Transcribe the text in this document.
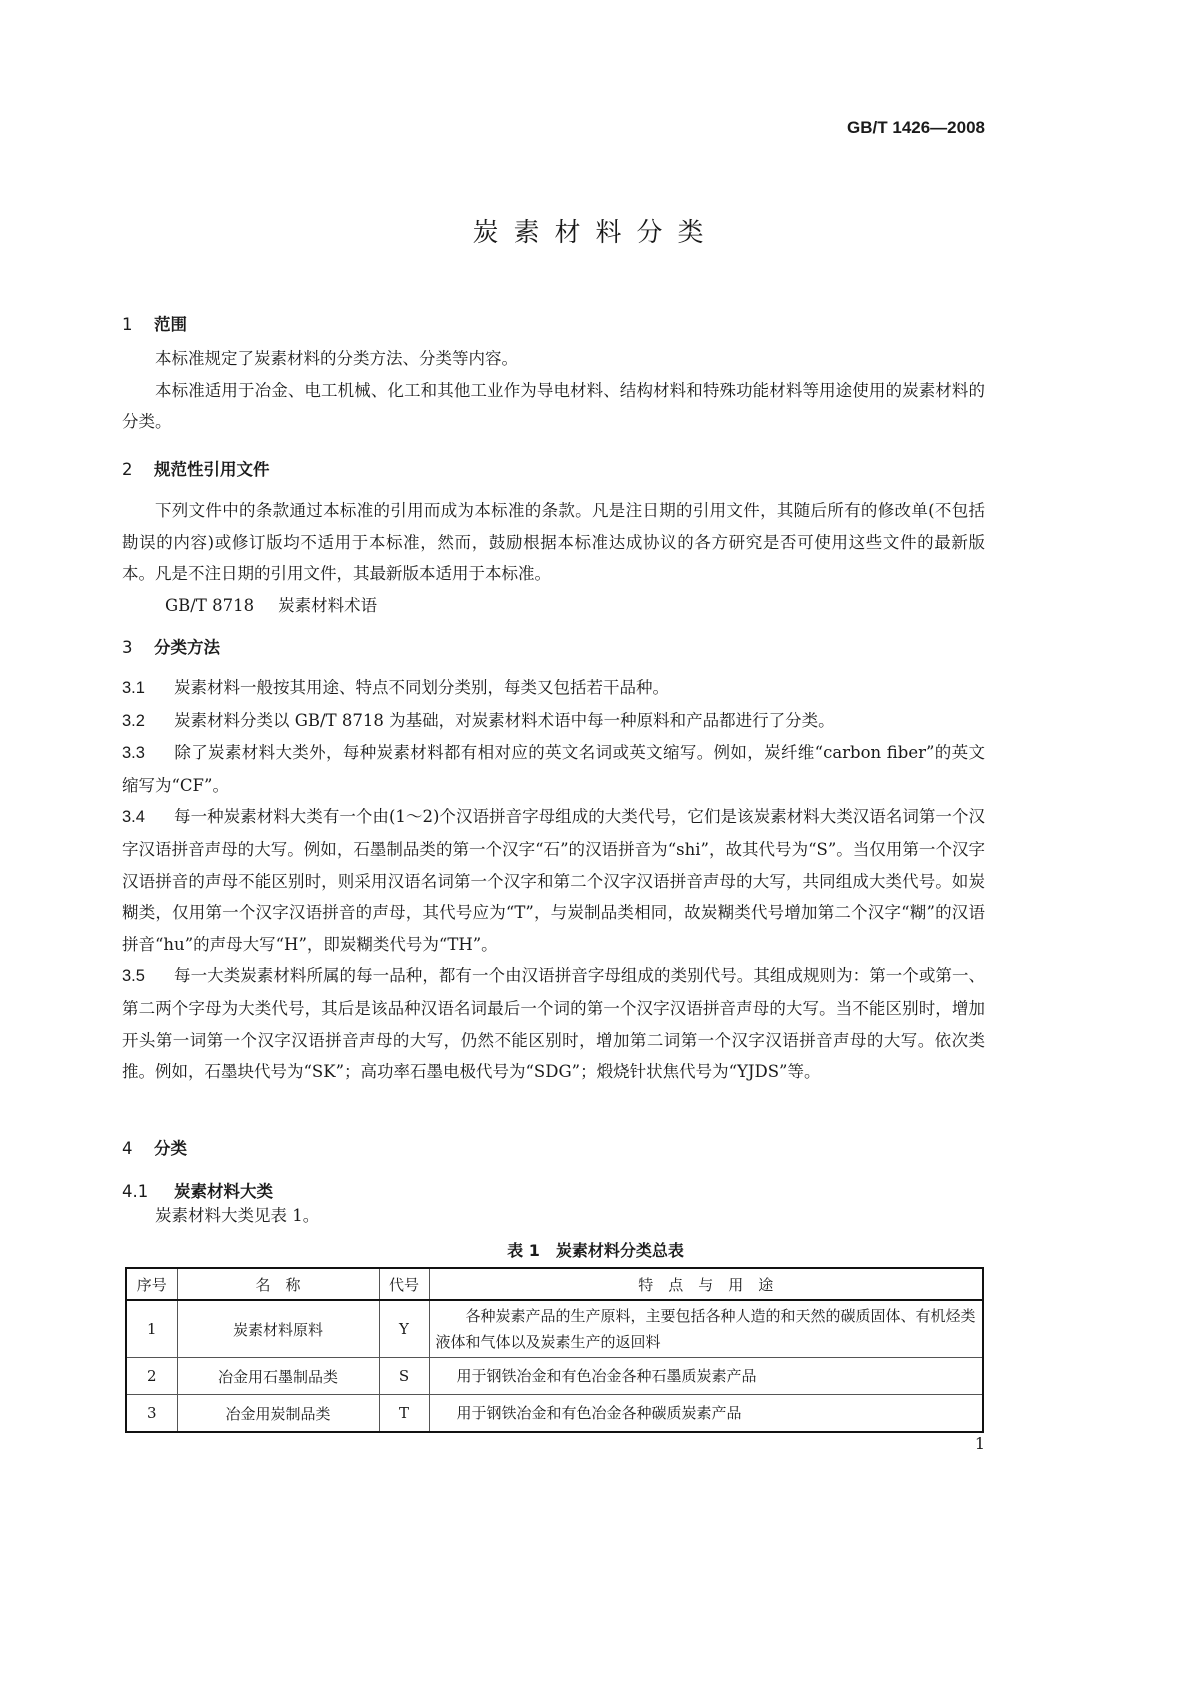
GB/T 1426—2008
炭素材料分类
1 范围

本标准规定了炭素材料的分类方法、分类等内容。

本标准适用于冶金、电工机械、化工和其他工业作为导电材料、结构材料和特殊功能材料等用途使用的炭素材料的分类。

2 规范性引用文件

下列文件中的条款通过本标准的引用而成为本标准的条款。凡是注日期的引用文件，其随后所有的修改单(不包括勘误的内容)或修订版均不适用于本标准，然而，鼓励根据本标准达成协议的各方研究是否可使用这些文件的最新版本。凡是不注日期的引用文件，其最新版本适用于本标准。

GB/T 8718 炭素材料术语

3 分类方法

3.1 炭素材料一般按其用途、特点不同划分类别，每类又包括若干品种。

3.2 炭素材料分类以 GB/T 8718 为基础，对炭素材料术语中每一种原料和产品都进行了分类。

3.3 除了炭素材料大类外，每种炭素材料都有相对应的英文名词或英文缩写。例如，炭纤维“carbon fiber”的英文缩写为“CF”。

3.4 每一种炭素材料大类有一个由(1～2)个汉语拼音字母组成的大类代号，它们是该炭素材料大类汉语名词第一个汉字汉语拼音声母的大写。例如，石墨制品类的第一个汉字“石”的汉语拼音为“shi”，故其代号为“S”。当仅用第一个汉字汉语拼音的声母不能区别时，则采用汉语名词第一个汉字和第二个汉字汉语拼音声母的大写，共同组成大类代号。如炭糊类，仅用第一个汉字汉语拼音的声母，其代号应为“T”，与炭制品类相同，故炭糊类代号增加第二个汉字“糊”的汉语拼音“hu”的声母大写“H”，即炭糊类代号为“TH”。

3.5 每一大类炭素材料所属的每一品种，都有一个由汉语拼音字母组成的类别代号。其组成规则为：第一个或第一、第二两个字母为大类代号，其后是该品种汉语名词最后一个词的第一个汉字汉语拼音声母的大写。当不能区别时，增加开头第一词第一个汉字汉语拼音声母的大写，仍然不能区别时，增加第二词第一个汉字汉语拼音声母的大写。依次类推。例如，石墨块代号为“SK”；高功率石墨电极代号为“SDG”；煅烧针状焦代号为“YJDS”等。

4 分类
4.1 炭素材料大类

炭素材料大类见表 1。

表 1　炭素材料分类总表
序号	名　称	代号	特　点　与　用　途
1	炭素材料原料	Y	各种炭素产品的生产原料，主要包括各种人造的和天然的碳质固体、有机烃类液体和气体以及炭素生产的返回料
2	冶金用石墨制品类	S	用于钢铁冶金和有色冶金各种石墨质炭素产品
3	冶金用炭制品类	T	用于钢铁冶金和有色冶金各种碳质炭素产品
1
